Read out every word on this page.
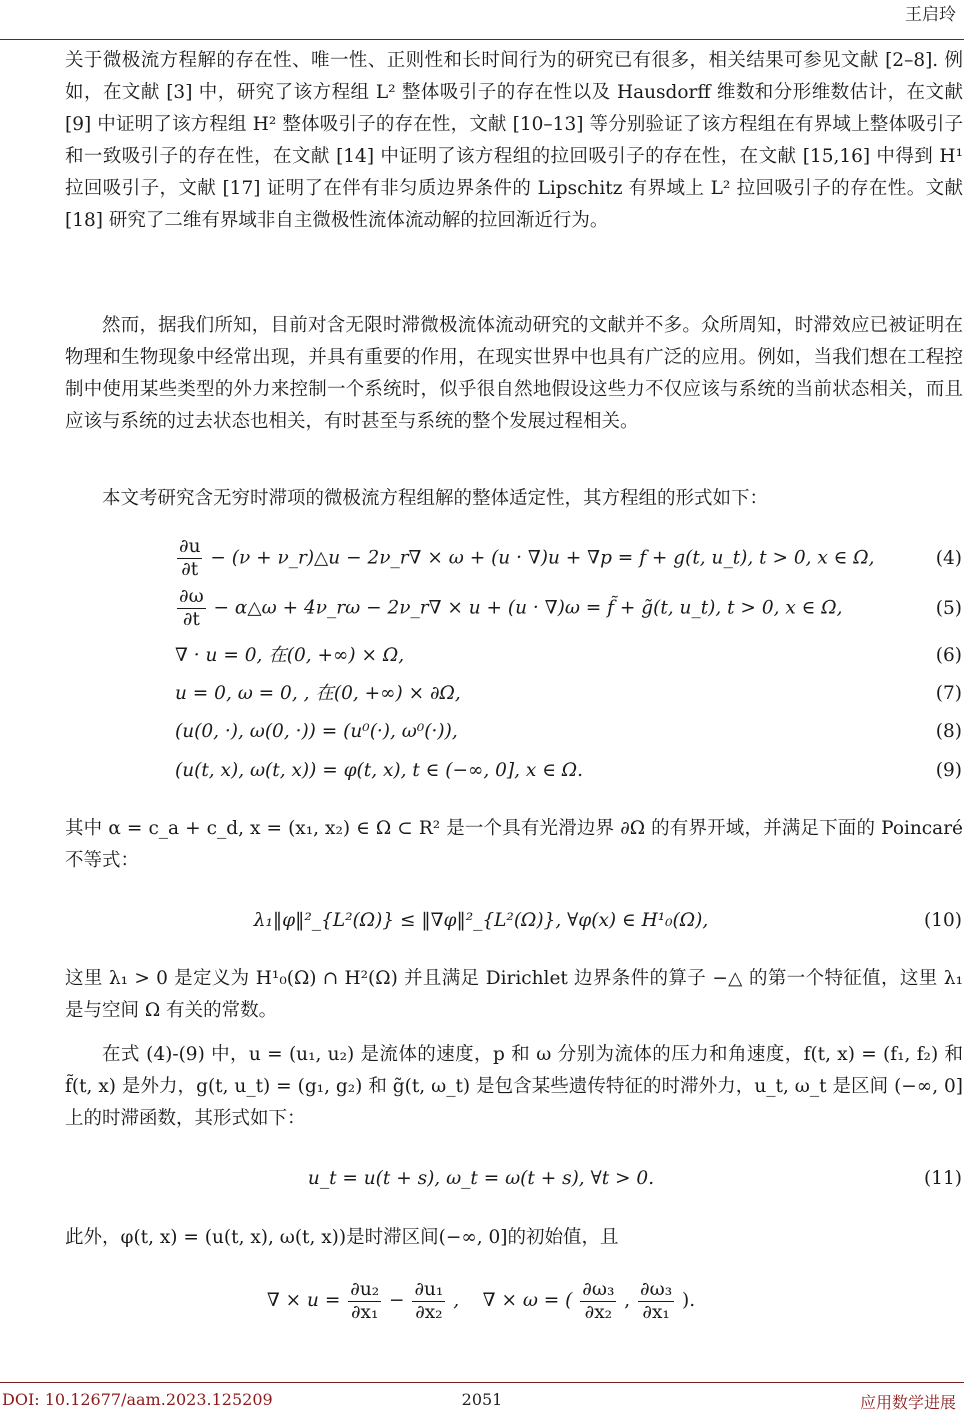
王启玲

关于微极流方程解的存在性、唯一性、正则性和长时间行为的研究已有很多，相关结果可参见文献 [2–8]. 例如，在文献 [3] 中，研究了该方程组 L² 整体吸引子的存在性以及 Hausdorff 维数和分形维数估计，在文献 [9] 中证明了该方程组 H² 整体吸引子的存在性，文献 [10–13] 等分别验证了该方程组在有界域上整体吸引子和一致吸引子的存在性，在文献 [14] 中证明了该方程组的拉回吸引子的存在性，在文献 [15,16] 中得到 H¹ 拉回吸引子，文献 [17] 证明了在伴有非匀质边界条件的 Lipschitz 有界域上 L² 拉回吸引子的存在性。文献 [18] 研究了二维有界域非自主微极性流体流动解的拉回渐近行为。

然而，据我们所知，目前对含无限时滞微极流体流动研究的文献并不多。众所周知，时滞效应已被证明在物理和生物现象中经常出现，并具有重要的作用，在现实世界中也具有广泛的应用。例如，当我们想在工程控制中使用某些类型的外力来控制一个系统时，似乎很自然地假设这些力不仅应该与系统的当前状态相关，而且应该与系统的过去状态也相关，有时甚至与系统的整个发展过程相关。

本文考研究含无穷时滞项的微极流方程组解的整体适定性，其方程组的形式如下：

$\frac{\partial u}{\partial t} - (\nu$ + ν_r)△u − 2ν_r∇ × ω + (u · ∇)u + ∇p = f + g(t, u_t), t > 0, x ∈ Ω,	(4)
$\frac{\partial\omega}{\partial t}$ − α△ω + 4ν_rω − 2ν_r∇ × u + (u · ∇)ω = f̃ + g̃(t, u_t), t > 0, x ∈ Ω,	(5)
∇ · u = 0, 在(0, +∞) × Ω,	(6)
u = 0, ω = 0, , 在(0, +∞) × ∂Ω,	(7)
(u(0, ·), ω(0, ·)) = (u⁰(·), ω⁰(·)),	(8)
(u(t, x), ω(t, x)) = φ(t, x), t ∈ (−∞, 0], x ∈ Ω.	(9)

其中 α = c_a + c_d, x = (x₁, x₂) ∈ Ω ⊂ R² 是一个具有光滑边界 ∂Ω 的有界开域，并满足下面的 Poincaré 不等式：

λ₁‖φ‖²_{L²(Ω)} ≤ ‖∇φ‖²_{L²(Ω)}, ∀φ(x) ∈ H¹₀(Ω),	(10)

这里 λ₁ > 0 是定义为 H¹₀(Ω) ∩ H²(Ω) 并且满足 Dirichlet 边界条件的算子 −△ 的第一个特征值，这里 λ₁ 是与空间 Ω 有关的常数。

在式 (4)-(9) 中，u = (u₁, u₂) 是流体的速度，p 和 ω 分别为流体的压力和角速度，f(t, x) = (f₁, f₂) 和 f̃(t, x) 是外力，g(t, u_t) = (g₁, g₂) 和 g̃(t, ω_t) 是包含某些遗传特征的时滞外力，u_t, ω_t 是区间 (−∞, 0] 上的时滞函数，其形式如下：

u_t = u(t + s), ω_t = ω(t + s), ∀t > 0.	(11)

此外，φ(t, x) = (u(t, x), ω(t, x))是时滞区间(−∞, 0]的初始值，且

∇ × $u = \frac{\text{∂u₂}}{\text{∂x₁}} - \frac{\text{∂u₁}}{\text{∂x₂}}$ ,    ∇ × ω = ( $\frac{\text{∂ω₃}}{\text{∂x₂}}$ , $\frac{\text{∂ω₃}}{\text{∂x₁}}$ ).
DOI: 10.12677/aam.2023.125209	2051	应用数学进展
